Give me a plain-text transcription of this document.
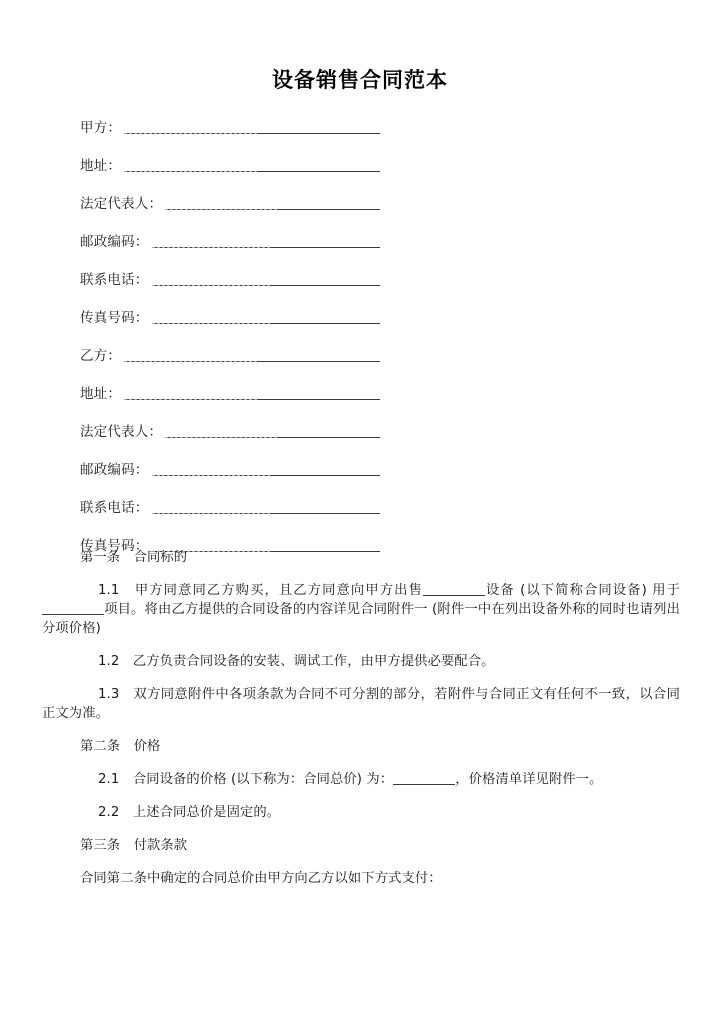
设备销售合同范本
甲方：
地址：
法定代表人：
邮政编码：
联系电话：
传真号码：
乙方：
地址：
法定代表人：
邮政编码：
联系电话：
传真号码：

第一条　合同标的

1.1　甲方同意同乙方购买，且乙方同意向甲方出售	设备 (以下简称合同设备) 用于项目。将由乙方提供的合同设备的内容详见合同附件一 (附件一中在列出设备外称的同时也请列出分项价格)

1.2　乙方负责合同设备的安装、调试工作，由甲方提供必要配合。

1.3　双方同意附件中各项条款为合同不可分割的部分，若附件与合同正文有任何不一致，以合同正文为准。

第二条　价格

2.1　合同设备的价格 (以下称为：合同总价) 为：	，价格清单详见附件一。

2.2　上述合同总价是固定的。

第三条　付款条款

合同第二条中确定的合同总价由甲方向乙方以如下方式支付：
